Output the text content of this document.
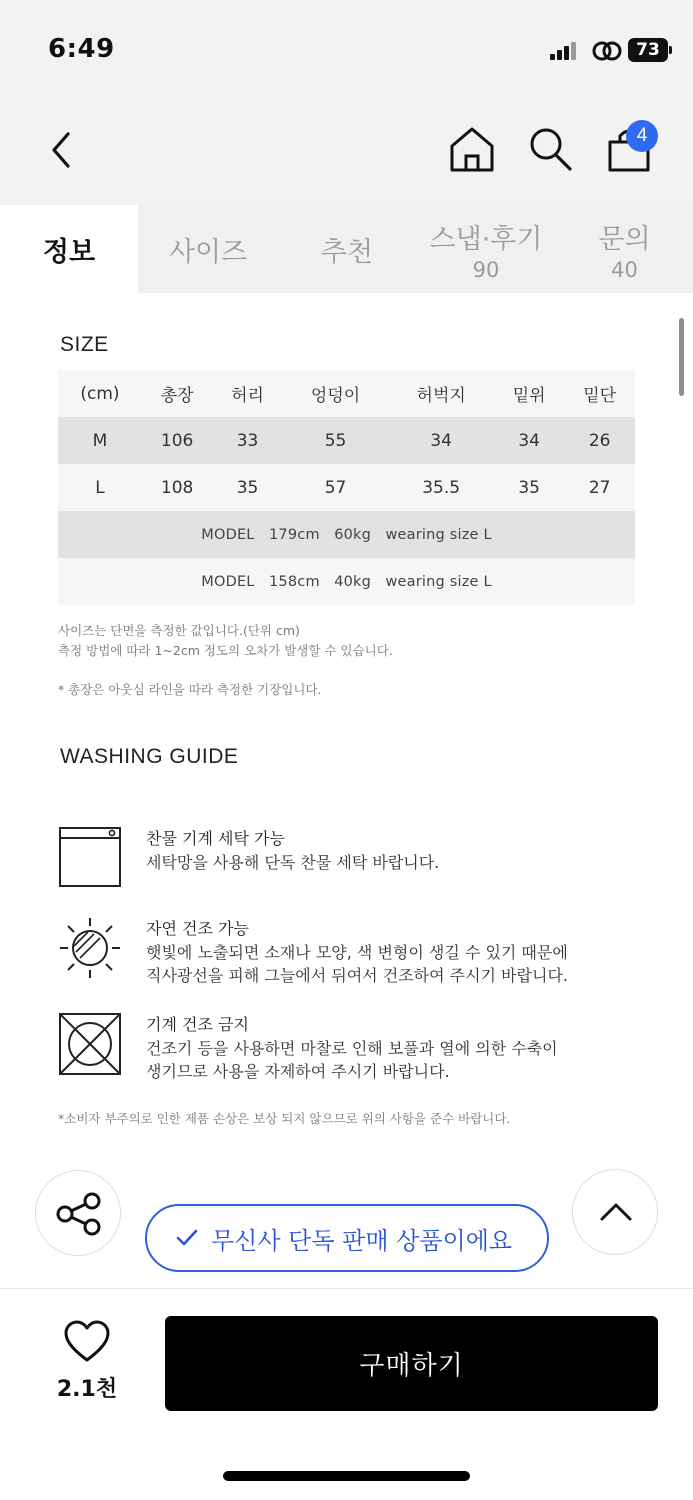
6:49	73
4
정보	사이즈	추천 스냅·후기
90
문의
40
SIZE
(cm)	총장	허리	엉덩이	허벅지	밑위	밑단
M	106	33	55	34	34	26
L	108	35	57	35.5	35	27
MODEL   179cm   60kg   wearing size L						
MODEL   158cm   40kg   wearing size L						
사이즈는 단면을 측정한 값입니다.(단위 cm)
측정 방법에 따라 1~2cm 정도의 오차가 발생할 수 있습니다.
* 총장은 아웃심 라인을 따라 측정한 기장입니다.
WASHING GUIDE
찬물 기계 세탁 가능
세탁망을 사용해 단독 찬물 세탁 바랍니다.
자연 건조 가능
햇빛에 노출되면 소재나 모양, 색 변형이 생길 수 있기 때문에
직사광선을 피해 그늘에서 뒤여서 건조하여 주시기 바랍니다.
기계 건조 금지
건조기 등을 사용하면 마찰로 인해 보풀과 열에 의한 수축이
생기므로 사용을 자제하여 주시기 바랍니다.
*소비자 부주의로 인한 제품 손상은 보상 되지 않으므로 위의 사항을 준수 바랍니다.
무신사 단독 판매 상품이에요
2.1천
구매하기
